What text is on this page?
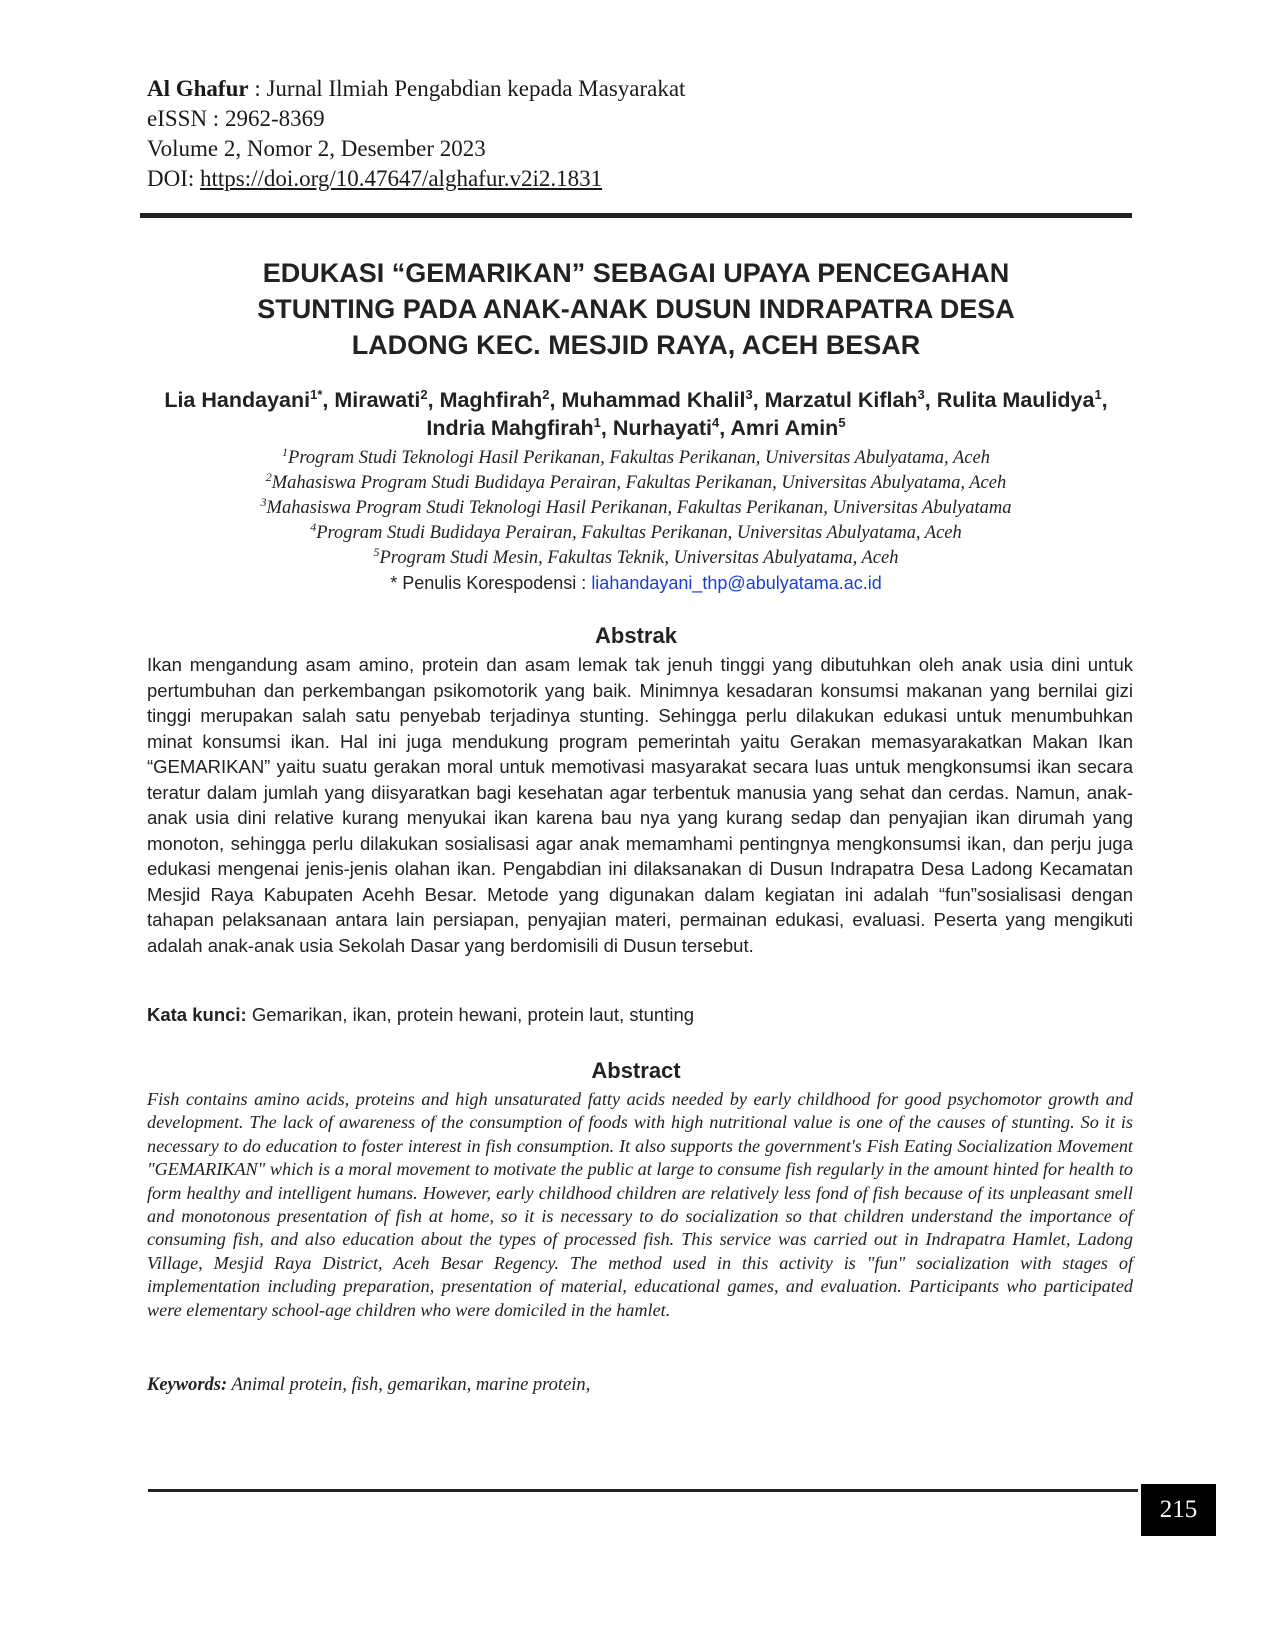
Al Ghafur : Jurnal Ilmiah Pengabdian kepada Masyarakat
eISSN : 2962-8369
Volume 2, Nomor 2, Desember 2023
DOI: https://doi.org/10.47647/alghafur.v2i2.1831
EDUKASI “GEMARIKAN” SEBAGAI UPAYA PENCEGAHAN
STUNTING PADA ANAK-ANAK DUSUN INDRAPATRA DESA
LADONG KEC. MESJID RAYA, ACEH BESAR
Lia Handayani$^{1*}$, Mirawati$^2$, Maghfirah$^2$, Muhammad Khalil$^3$, Marzatul Kiflah$^3$, Rulita Maulidya$^1$, Indria Mahgfirah$^1$, Nurhayati$^4$, Amri Amin$^5$
$^1$Program Studi Teknologi Hasil Perikanan, Fakultas Perikanan, Universitas Abulyatama, Aceh
$^2$Mahasiswa Program Studi Budidaya Perairan, Fakultas Perikanan, Universitas Abulyatama, Aceh
$^3$Mahasiswa Program Studi Teknologi Hasil Perikanan, Fakultas Perikanan, Universitas Abulyatama
$^4$Program Studi Budidaya Perairan, Fakultas Perikanan, Universitas Abulyatama, Aceh
$^5$Program Studi Mesin, Fakultas Teknik, Universitas Abulyatama, Aceh
* Penulis Korespodensi : liahandayani_thp@abulyatama.ac.id
Abstrak

Ikan mengandung asam amino, protein dan asam lemak tak jenuh tinggi yang dibutuhkan oleh anak usia dini untuk pertumbuhan dan perkembangan psikomotorik yang baik. Minimnya kesadaran konsumsi makanan yang bernilai gizi tinggi merupakan salah satu penyebab terjadinya stunting. Sehingga perlu dilakukan edukasi untuk menumbuhkan minat konsumsi ikan. Hal ini juga mendukung program pemerintah yaitu Gerakan memasyarakatkan Makan Ikan “GEMARIKAN” yaitu suatu gerakan moral untuk memotivasi masyarakat secara luas untuk mengkonsumsi ikan secara teratur dalam jumlah yang diisyaratkan bagi kesehatan agar terbentuk manusia yang sehat dan cerdas. Namun, anak-anak usia dini relative kurang menyukai ikan karena bau nya yang kurang sedap dan penyajian ikan dirumah yang monoton, sehingga perlu dilakukan sosialisasi agar anak memamhami pentingnya mengkonsumsi ikan, dan perju juga edukasi mengenai jenis-jenis olahan ikan. Pengabdian ini dilaksanakan di Dusun Indrapatra Desa Ladong Kecamatan Mesjid Raya Kabupaten Acehh Besar. Metode yang digunakan dalam kegiatan ini adalah “fun”sosialisasi dengan tahapan pelaksanaan antara lain persiapan, penyajian materi, permainan edukasi, evaluasi. Peserta yang mengikuti adalah anak-anak usia Sekolah Dasar yang berdomisili di Dusun tersebut.

Kata kunci: Gemarikan, ikan, protein hewani, protein laut, stunting

Abstract

Fish contains amino acids, proteins and high unsaturated fatty acids needed by early childhood for good psychomotor growth and development. The lack of awareness of the consumption of foods with high nutritional value is one of the causes of stunting. So it is necessary to do education to foster interest in fish consumption. It also supports the government's Fish Eating Socialization Movement "GEMARIKAN" which is a moral movement to motivate the public at large to consume fish regularly in the amount hinted for health to form healthy and intelligent humans. However, early childhood children are relatively less fond of fish because of its unpleasant smell and monotonous presentation of fish at home, so it is necessary to do socialization so that children understand the importance of consuming fish, and also education about the types of processed fish. This service was carried out in Indrapatra Hamlet, Ladong Village, Mesjid Raya District, Aceh Besar Regency. The method used in this activity is "fun" socialization with stages of implementation including preparation, presentation of material, educational games, and evaluation. Participants who participated were elementary school-age children who were domiciled in the hamlet.

Keywords: Animal protein, fish, gemarikan, marine protein,

215
